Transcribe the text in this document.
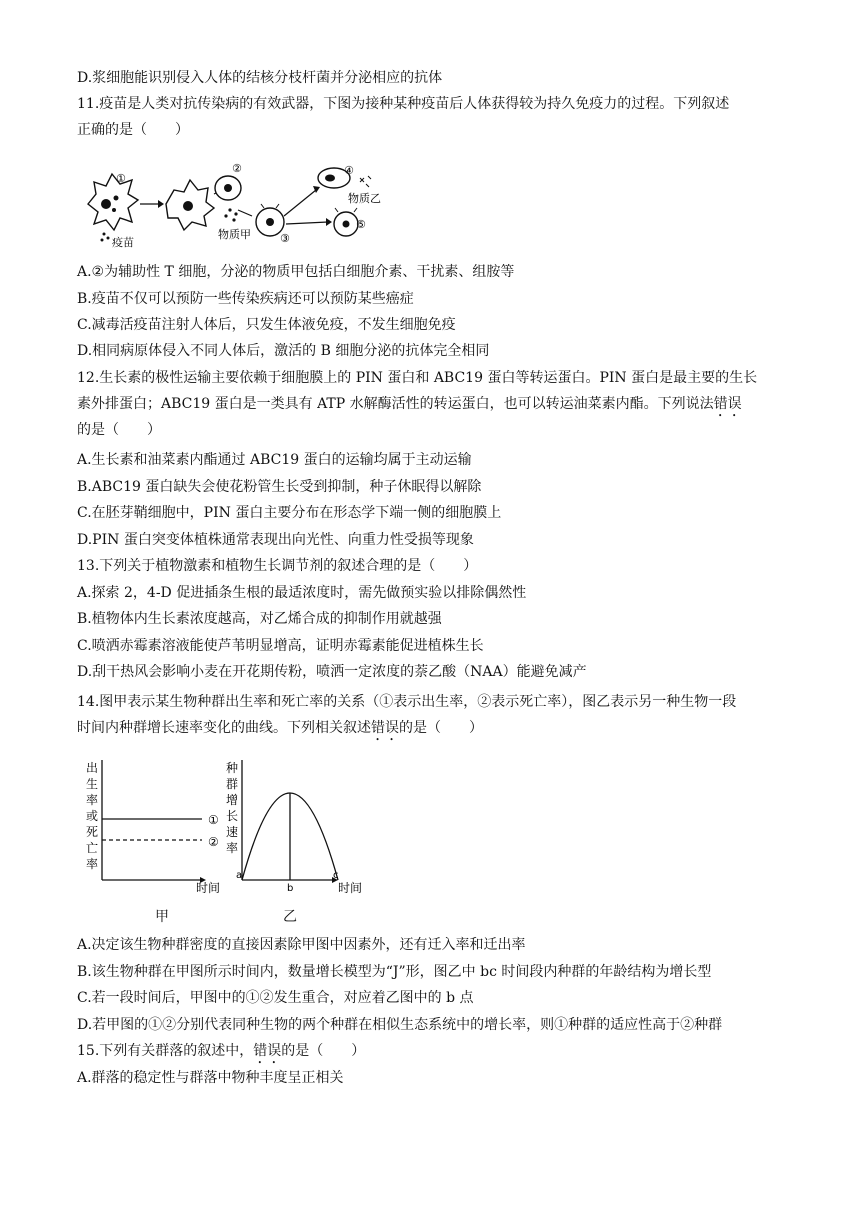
D.浆细胞能识别侵入人体的结核分枝杆菌并分泌相应的抗体
11.疫苗是人类对抗传染病的有效武器，下图为接种某种疫苗后人体获得较为持久免疫力的过程。下列叙述
正确的是（　　）
①
疫苗
②
物质甲	③
④
物质乙
⑤
A.②为辅助性 T 细胞，分泌的物质甲包括白细胞介素、干扰素、组胺等
B.疫苗不仅可以预防一些传染疾病还可以预防某些癌症
C.减毒活疫苗注射人体后，只发生体液免疫，不发生细胞免疫
D.相同病原体侵入不同人体后，激活的 B 细胞分泌的抗体完全相同
12.生长素的极性运输主要依赖于细胞膜上的 PIN 蛋白和 ABC19 蛋白等转运蛋白。PIN 蛋白是最主要的生长
素外排蛋白；ABC19 蛋白是一类具有 ATP 水解酶活性的转运蛋白，也可以转运油菜素内酯。下列说法错误
的是（　　）
A.生长素和油菜素内酯通过 ABC19 蛋白的运输均属于主动运输
B.ABC19 蛋白缺失会使花粉管生长受到抑制，种子休眠得以解除
C.在胚芽鞘细胞中，PIN 蛋白主要分布在形态学下端一侧的细胞膜上
D.PIN 蛋白突变体植株通常表现出向光性、向重力性受损等现象
13.下列关于植物激素和植物生长调节剂的叙述合理的是（　　）
A.探索 2，4-D 促进插条生根的最适浓度时，需先做预实验以排除偶然性
B.植物体内生长素浓度越高，对乙烯合成的抑制作用就越强
C.喷洒赤霉素溶液能使芦苇明显增高，证明赤霉素能促进植株生长
D.刮干热风会影响小麦在开花期传粉，喷洒一定浓度的萘乙酸（NAA）能避免减产
14.图甲表示某生物种群出生率和死亡率的关系（①表示出生率，②表示死亡率），图乙表示另一种生物一段
时间内种群增长速率变化的曲线。下列相关叙述错误的是（　　）
出
生
率
或
死
亡
率
①
②
时间
种
群
增
长
速
率
a
b
c
时间
甲	乙
A.决定该生物种群密度的直接因素除甲图中因素外，还有迁入率和迁出率
B.该生物种群在甲图所示时间内，数量增长模型为“J”形，图乙中 bc 时间段内种群的年龄结构为增长型
C.若一段时间后，甲图中的①②发生重合，对应着乙图中的 b 点
D.若甲图的①②分别代表同种生物的两个种群在相似生态系统中的增长率，则①种群的适应性高于②种群
15.下列有关群落的叙述中，错误的是（　　）
A.群落的稳定性与群落中物种丰度呈正相关
